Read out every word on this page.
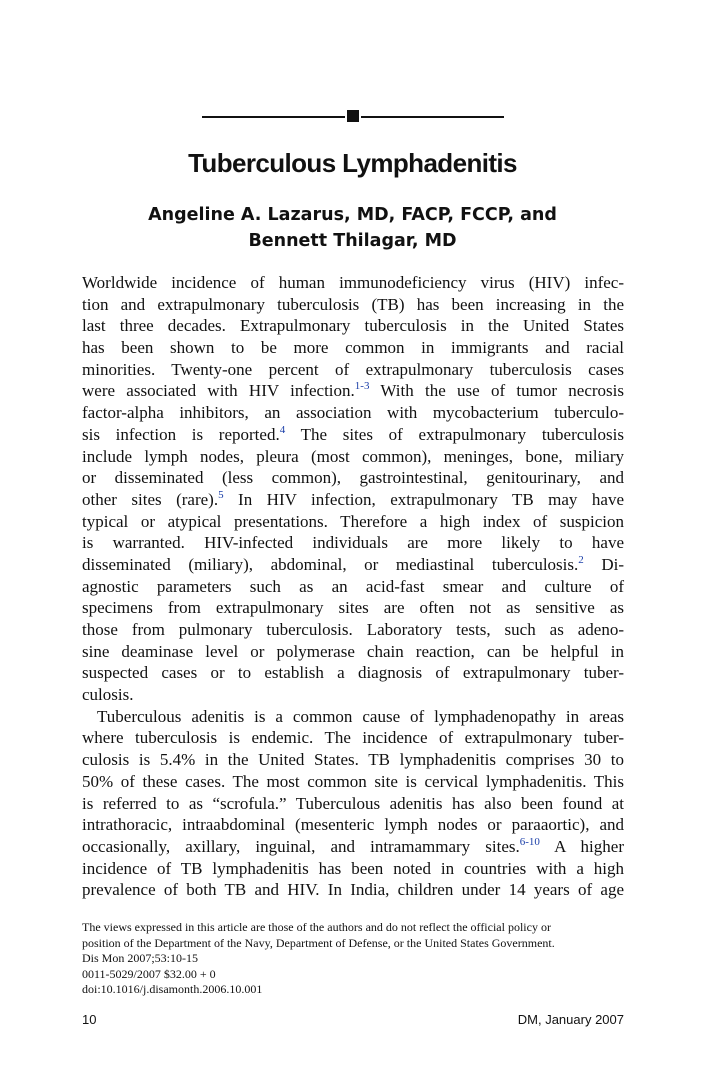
Tuberculous Lymphadenitis
Angeline A. Lazarus, MD, FACP, FCCP, and
Bennett Thilagar, MD
Worldwide incidence of human immunodeficiency virus (HIV) infec-
tion and extrapulmonary tuberculosis (TB) has been increasing in the
last three decades. Extrapulmonary tuberculosis in the United States
has been shown to be more common in immigrants and racial
minorities. Twenty-one percent of extrapulmonary tuberculosis cases
were associated with HIV infection.$^{1-3}$ With the use of tumor necrosis
factor-alpha inhibitors, an association with mycobacterium tuberculo-
sis infection is reported.$^4$ The sites of extrapulmonary tuberculosis
include lymph nodes, pleura (most common), meninges, bone, miliary
or disseminated (less common), gastrointestinal, genitourinary, and
other sites (rare).$^5$ In HIV infection, extrapulmonary TB may have
typical or atypical presentations. Therefore a high index of suspicion
is warranted. HIV-infected individuals are more likely to have
disseminated (miliary), abdominal, or mediastinal tuberculosis.$^2$ Di-
agnostic parameters such as an acid-fast smear and culture of
specimens from extrapulmonary sites are often not as sensitive as
those from pulmonary tuberculosis. Laboratory tests, such as adeno-
sine deaminase level or polymerase chain reaction, can be helpful in
suspected cases or to establish a diagnosis of extrapulmonary tuber-
culosis.
Tuberculous adenitis is a common cause of lymphadenopathy in areas
where tuberculosis is endemic. The incidence of extrapulmonary tuber-
culosis is 5.4% in the United States. TB lymphadenitis comprises 30 to
50% of these cases. The most common site is cervical lymphadenitis. This
is referred to as “scrofula.” Tuberculous adenitis has also been found at
intrathoracic, intraabdominal (mesenteric lymph nodes or paraaortic), and
occasionally, axillary, inguinal, and intramammary sites.$^{6-10}$ A higher
incidence of TB lymphadenitis has been noted in countries with a high
prevalence of both TB and HIV. In India, children under 14 years of age
The views expressed in this article are those of the authors and do not reflect the official policy or
position of the Department of the Navy, Department of Defense, or the United States Government.
Dis Mon 2007;53:10-15
0011-5029/2007 $32.00 + 0
doi:10.1016/j.disamonth.2006.10.001
10	DM, January 2007
